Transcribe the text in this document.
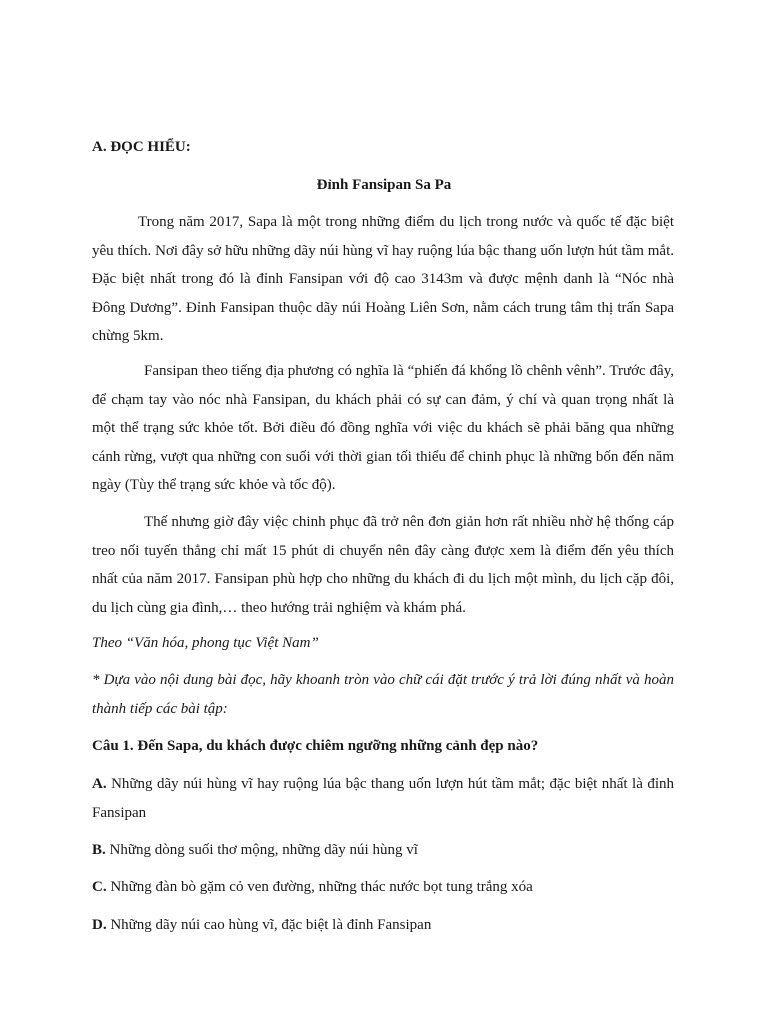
A. ĐỌC HIỂU:
Đỉnh Fansipan Sa Pa
Trong năm 2017, Sapa là một trong những điểm du lịch trong nước và quốc tế đặc biệt yêu thích. Nơi đây sở hữu những dãy núi hùng vĩ hay ruộng lúa bậc thang uốn lượn hút tầm mắt. Đặc biệt nhất trong đó là đỉnh Fansipan với độ cao 3143m và được mệnh danh là “Nóc nhà Đông Dương”. Đỉnh Fansipan thuộc dãy núi Hoàng Liên Sơn, nằm cách trung tâm thị trấn Sapa chừng 5km.
Fansipan theo tiếng địa phương có nghĩa là “phiến đá khổng lồ chênh vênh”. Trước đây, để chạm tay vào nóc nhà Fansipan, du khách phải có sự can đảm, ý chí và quan trọng nhất là một thể trạng sức khỏe tốt. Bởi điều đó đồng nghĩa với việc du khách sẽ phải băng qua những cánh rừng, vượt qua những con suối với thời gian tối thiểu để chinh phục là những bốn đến năm ngày (Tùy thể trạng sức khỏe và tốc độ).
Thế nhưng giờ đây việc chinh phục đã trở nên đơn giản hơn rất nhiều nhờ hệ thống cáp treo nối tuyến thẳng chỉ mất 15 phút di chuyển nên đây càng được xem là điểm đến yêu thích nhất của năm 2017. Fansipan phù hợp cho những du khách đi du lịch một mình, du lịch cặp đôi, du lịch cùng gia đình,… theo hướng trải nghiệm và khám phá.
Theo “Văn hóa, phong tục Việt Nam”
* Dựa vào nội dung bài đọc, hãy khoanh tròn vào chữ cái đặt trước ý trả lời đúng nhất và hoàn thành tiếp các bài tập:
Câu 1. Đến Sapa, du khách được chiêm ngưỡng những cảnh đẹp nào?
A. Những dãy núi hùng vĩ hay ruộng lúa bậc thang uốn lượn hút tầm mắt; đặc biệt nhất là đỉnh Fansipan
B. Những dòng suối thơ mộng, những dãy núi hùng vĩ
C. Những đàn bò gặm cỏ ven đường, những thác nước bọt tung trắng xóa
D. Những dãy núi cao hùng vĩ, đặc biệt là đỉnh Fansipan
